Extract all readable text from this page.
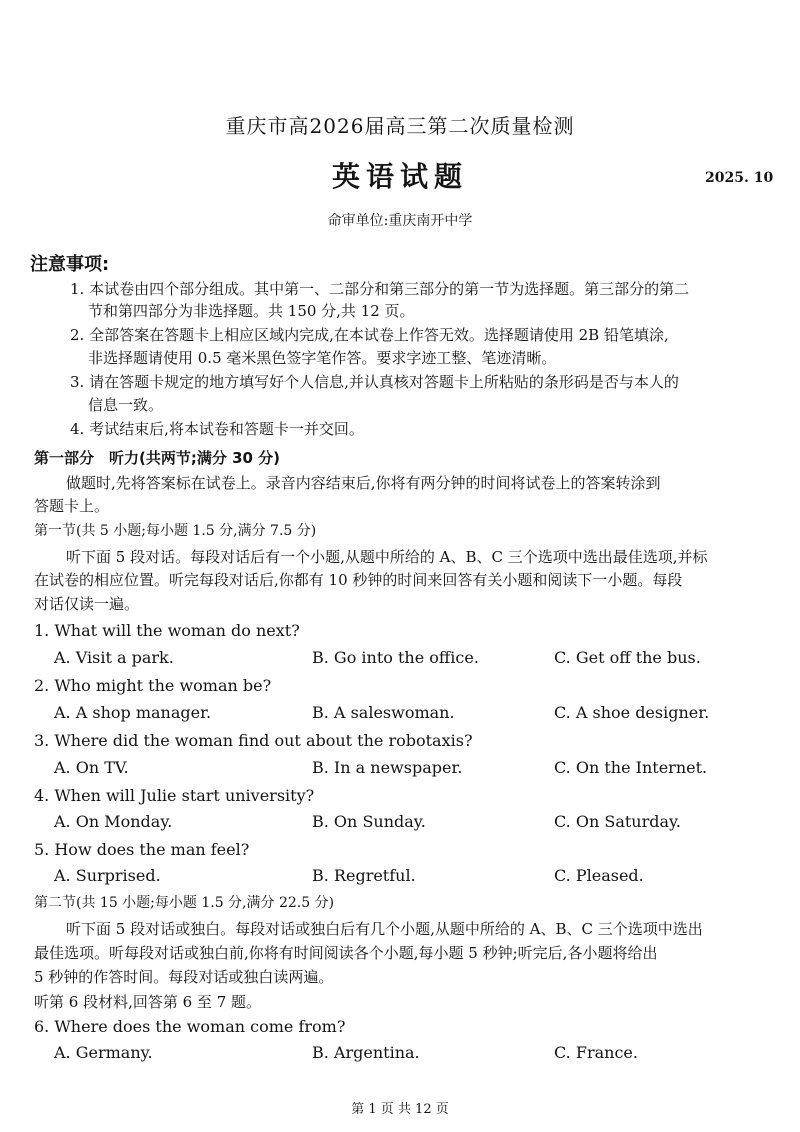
重庆市高2026届高三第二次质量检测
英语试题	2025. 10
命审单位:重庆南开中学
注意事项:
1. 本试卷由四个部分组成。其中第一、二部分和第三部分的第一节为选择题。第三部分的第二
节和第四部分为非选择题。共 150 分,共 12 页。
2. 全部答案在答题卡上相应区域内完成,在本试卷上作答无效。选择题请使用 2B 铅笔填涂,
非选择题请使用 0.5 毫米黑色签字笔作答。要求字迹工整、笔迹清晰。
3. 请在答题卡规定的地方填写好个人信息,并认真核对答题卡上所粘贴的条形码是否与本人的
信息一致。
4. 考试结束后,将本试卷和答题卡一并交回。
第一部分　听力(共两节;满分 30 分)
做题时,先将答案标在试卷上。录音内容结束后,你将有两分钟的时间将试卷上的答案转涂到
答题卡上。
第一节(共 5 小题;每小题 1.5 分,满分 7.5 分)
听下面 5 段对话。每段对话后有一个小题,从题中所给的 A、B、C 三个选项中选出最佳选项,并标
在试卷的相应位置。听完每段对话后,你都有 10 秒钟的时间来回答有关小题和阅读下一小题。每段
对话仅读一遍。
1. What will the woman do next?
A. Visit a park.	B. Go into the office.	C. Get off the bus.
2. Who might the woman be?
A. A shop manager.	B. A saleswoman.	C. A shoe designer.
3. Where did the woman find out about the robotaxis?
A. On TV.	B. In a newspaper.	C. On the Internet.
4. When will Julie start university?
A. On Monday.	B. On Sunday.	C. On Saturday.
5. How does the man feel?
A. Surprised.	B. Regretful.	C. Pleased.
第二节(共 15 小题;每小题 1.5 分,满分 22.5 分)
听下面 5 段对话或独白。每段对话或独白后有几个小题,从题中所给的 A、B、C 三个选项中选出
最佳选项。听每段对话或独白前,你将有时间阅读各个小题,每小题 5 秒钟;听完后,各小题将给出
5 秒钟的作答时间。每段对话或独白读两遍。
听第 6 段材料,回答第 6 至 7 题。
6. Where does the woman come from?
A. Germany.	B. Argentina.	C. France.
第 1 页 共 12 页
